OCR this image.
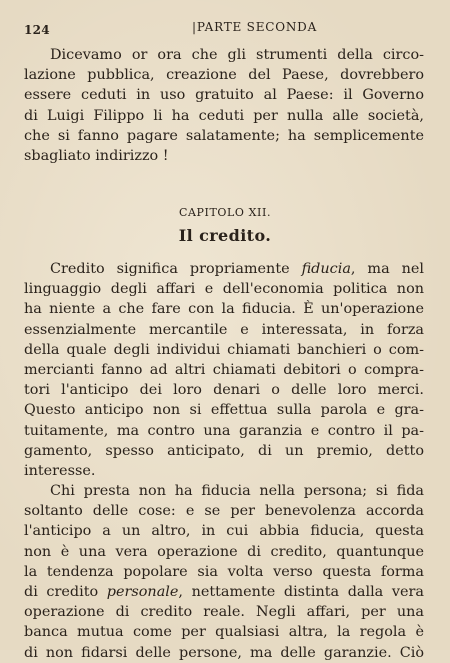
124	|PARTE SECONDA
Dicevamo or ora che gli strumenti della circo-
lazione pubblica, creazione del Paese, dovrebbero
essere ceduti in uso gratuito al Paese: il Governo
di Luigi Filippo li ha ceduti per nulla alle società,
che si fanno pagare salatamente; ha semplicemente
sbagliato indirizzo !
CAPITOLO XII.
Il credito.
Credito significa propriamente fiducia, ma nel
linguaggio degli affari e dell'economia politica non
ha niente a che fare con la fiducia. È un'operazione
essenzialmente mercantile e interessata, in forza
della quale degli individui chiamati banchieri o com-
mercianti fanno ad altri chiamati debitori o compra-
tori l'anticipo dei loro denari o delle loro merci.
Questo anticipo non si effettua sulla parola e gra-
tuitamente, ma contro una garanzia e contro il pa-
gamento, spesso anticipato, di un premio, detto
interesse.
Chi presta non ha fiducia nella persona; si fida
soltanto delle cose: e se per benevolenza accorda
l'anticipo a un altro, in cui abbia fiducia, questa
non è una vera operazione di credito, quantunque
la tendenza popolare sia volta verso questa forma
di credito personale, nettamente distinta dalla vera
operazione di credito reale. Negli affari, per una
banca mutua come per qualsiasi altra, la regola è
di non fidarsi delle persone, ma delle garanzie. Ciò
